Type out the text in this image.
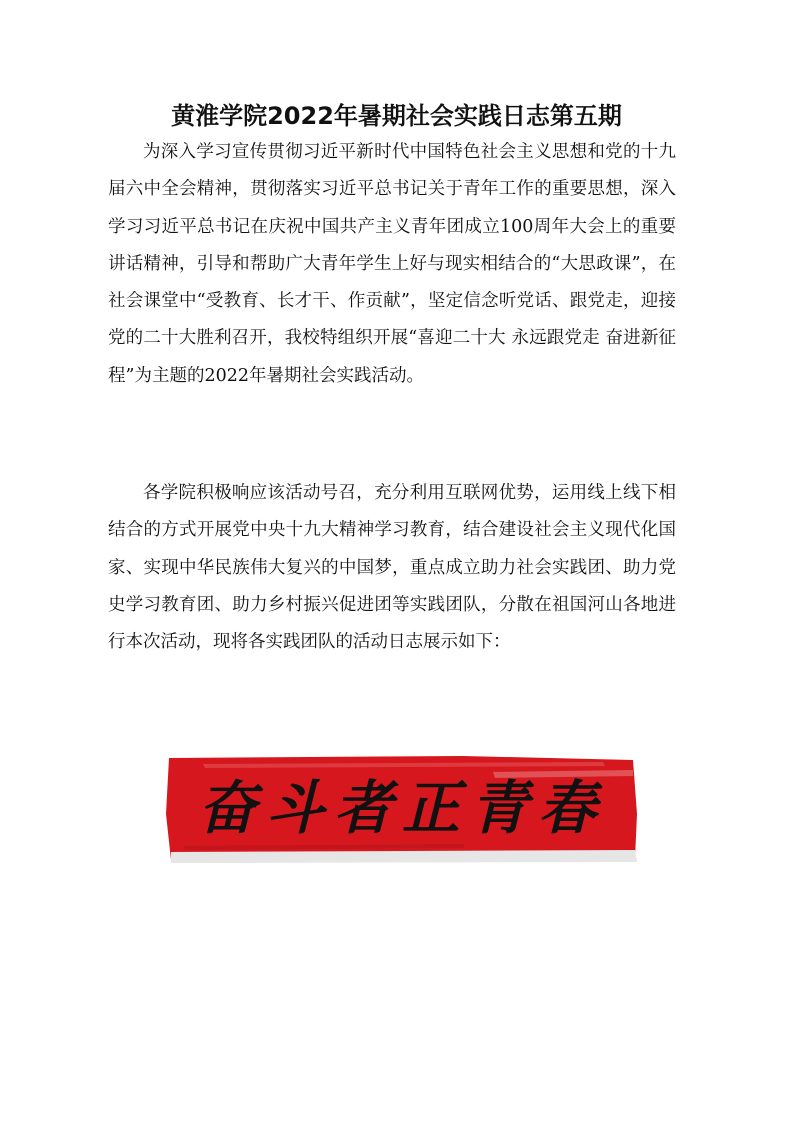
黄淮学院2022年暑期社会实践日志第五期

为深入学习宣传贯彻习近平新时代中国特色社会主义思想和党的十九届六中全会精神，贯彻落实习近平总书记关于青年工作的重要思想，深入学习习近平总书记在庆祝中国共产主义青年团成立100周年大会上的重要讲话精神，引导和帮助广大青年学生上好与现实相结合的“大思政课”，在社会课堂中“受教育、长才干、作贡献”，坚定信念听党话、跟党走，迎接党的二十大胜利召开，我校特组织开展“喜迎二十大 永远跟党走 奋进新征程”为主题的2022年暑期社会实践活动。

各学院积极响应该活动号召，充分利用互联网优势，运用线上线下相结合的方式开展党中央十九大精神学习教育，结合建设社会主义现代化国家、实现中华民族伟大复兴的中国梦，重点成立助力社会实践团、助力党史学习教育团、助力乡村振兴促进团等实践团队，分散在祖国河山各地进行本次活动，现将各实践团队的活动日志展示如下：

奋斗者正青春
